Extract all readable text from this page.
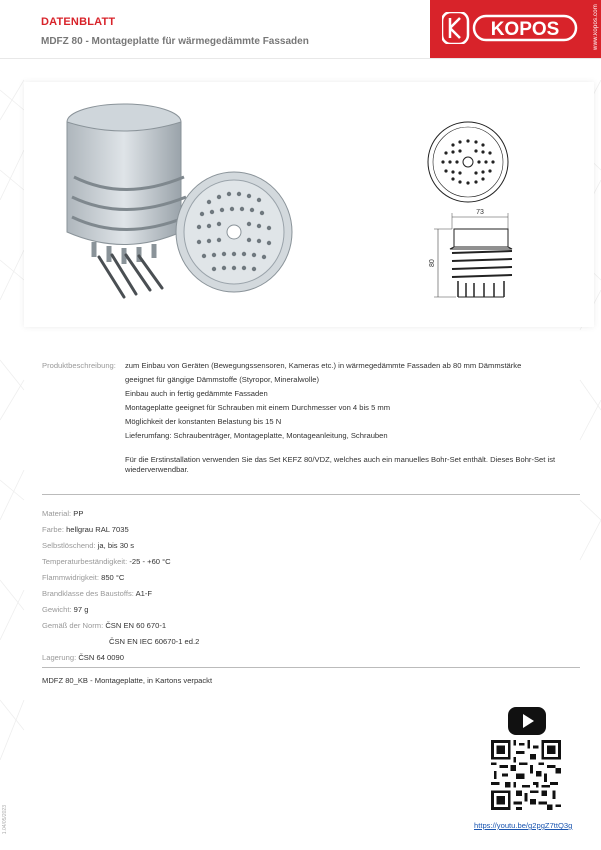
DATENBLATT
MDFZ 80 - Montageplatte für wärmegedämmte Fassaden
KOPOS	www.kopos.com
73
80
Produktbeschreibung: zum Einbau von Geräten (Bewegungssensoren, Kameras etc.) in wärmegedämmte Fassaden ab 80 mm Dämmstärke
geeignet für gängige Dämmstoffe (Styropor, Mineralwolle)
Einbau auch in fertig gedämmte Fassaden
Montageplatte geeignet für Schrauben mit einem Durchmesser von 4 bis 5 mm
Möglichkeit der konstanten Belastung bis 15 N
Lieferumfang: Schraubenträger, Montageplatte, Montageanleitung, Schrauben
Für die Erstinstallation verwenden Sie das Set KEFZ 80/VDZ, welches auch ein manuelles Bohr-Set enthält. Dieses Bohr-Set ist wiederverwendbar.
Material: PP
Farbe: hellgrau RAL 7035
Selbstlöschend: ja, bis 30 s
Temperaturbeständigkeit: -25 - +60 °C
Flammwidrigkeit: 850 °C
Brandklasse des Baustoffs: A1-F
Gewicht: 97 g
Gemäß der Norm: ČSN EN 60 670-1
ČSN EN IEC 60670-1 ed.2
Lagerung: ČSN 64 0090
MDFZ 80_KB - Montageplatte, in Kartons verpackt
https://youtu.be/g2pgZ7ttQ3g
1.04/05/2023
